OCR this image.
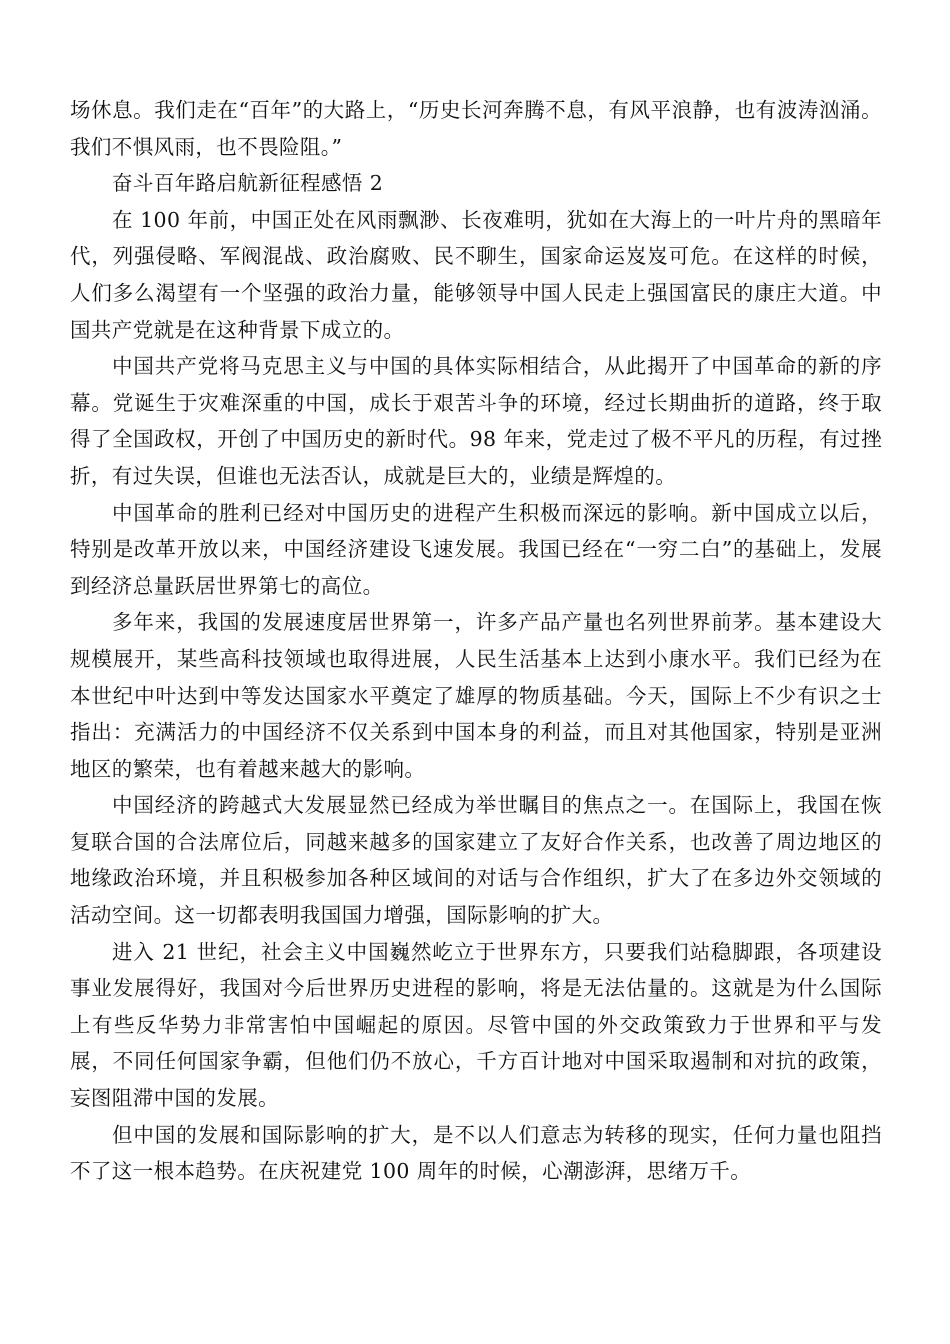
场休息。我们走在“百年”的大路上，“历史长河奔腾不息，有风平浪静，也有波涛汹涌。我们不惧风雨，也不畏险阻。”

奋斗百年路启航新征程感悟 2

在 100 年前，中国正处在风雨飘渺、长夜难明，犹如在大海上的一叶片舟的黑暗年代，列强侵略、军阀混战、政治腐败、民不聊生，国家命运岌岌可危。在这样的时候，人们多么渴望有一个坚强的政治力量，能够领导中国人民走上强国富民的康庄大道。中国共产党就是在这种背景下成立的。

中国共产党将马克思主义与中国的具体实际相结合，从此揭开了中国革命的新的序幕。党诞生于灾难深重的中国，成长于艰苦斗争的环境，经过长期曲折的道路，终于取得了全国政权，开创了中国历史的新时代。98 年来，党走过了极不平凡的历程，有过挫折，有过失误，但谁也无法否认，成就是巨大的，业绩是辉煌的。

中国革命的胜利已经对中国历史的进程产生积极而深远的影响。新中国成立以后，特别是改革开放以来，中国经济建设飞速发展。我国已经在“一穷二白”的基础上，发展到经济总量跃居世界第七的高位。

多年来，我国的发展速度居世界第一，许多产品产量也名列世界前茅。基本建设大规模展开，某些高科技领域也取得进展，人民生活基本上达到小康水平。我们已经为在本世纪中叶达到中等发达国家水平奠定了雄厚的物质基础。今天，国际上不少有识之士指出：充满活力的中国经济不仅关系到中国本身的利益，而且对其他国家，特别是亚洲地区的繁荣，也有着越来越大的影响。

中国经济的跨越式大发展显然已经成为举世瞩目的焦点之一。在国际上，我国在恢复联合国的合法席位后，同越来越多的国家建立了友好合作关系，也改善了周边地区的地缘政治环境，并且积极参加各种区域间的对话与合作组织，扩大了在多边外交领域的活动空间。这一切都表明我国国力增强，国际影响的扩大。

进入 21 世纪，社会主义中国巍然屹立于世界东方，只要我们站稳脚跟，各项建设事业发展得好，我国对今后世界历史进程的影响，将是无法估量的。这就是为什么国际上有些反华势力非常害怕中国崛起的原因。尽管中国的外交政策致力于世界和平与发展，不同任何国家争霸，但他们仍不放心，千方百计地对中国采取遏制和对抗的政策，妄图阻滞中国的发展。

但中国的发展和国际影响的扩大，是不以人们意志为转移的现实，任何力量也阻挡不了这一根本趋势。在庆祝建党 100 周年的时候，心潮澎湃，思绪万千。
